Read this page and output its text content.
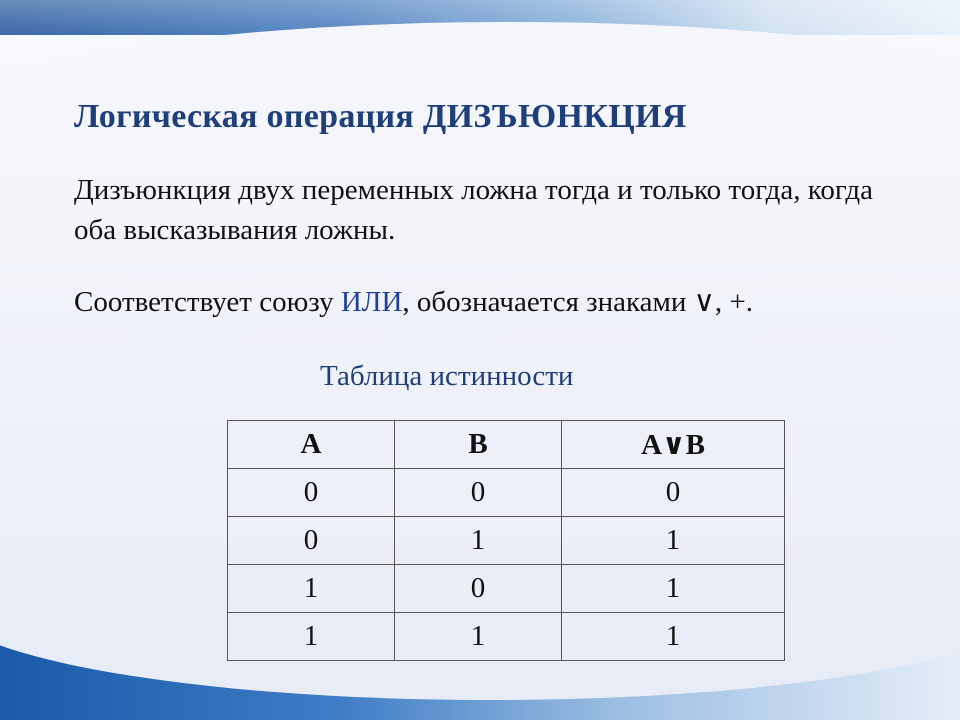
Логическая операция ДИЗЪЮНКЦИЯ
Дизъюнкция двух переменных ложна тогда и только тогда, когда оба высказывания ложны.
Соответствует союзу ИЛИ, обозначается знаками ∨, +.
Таблица истинности
A	B	A∨B
0	0	0
0	1	1
1	0	1
1	1	1
